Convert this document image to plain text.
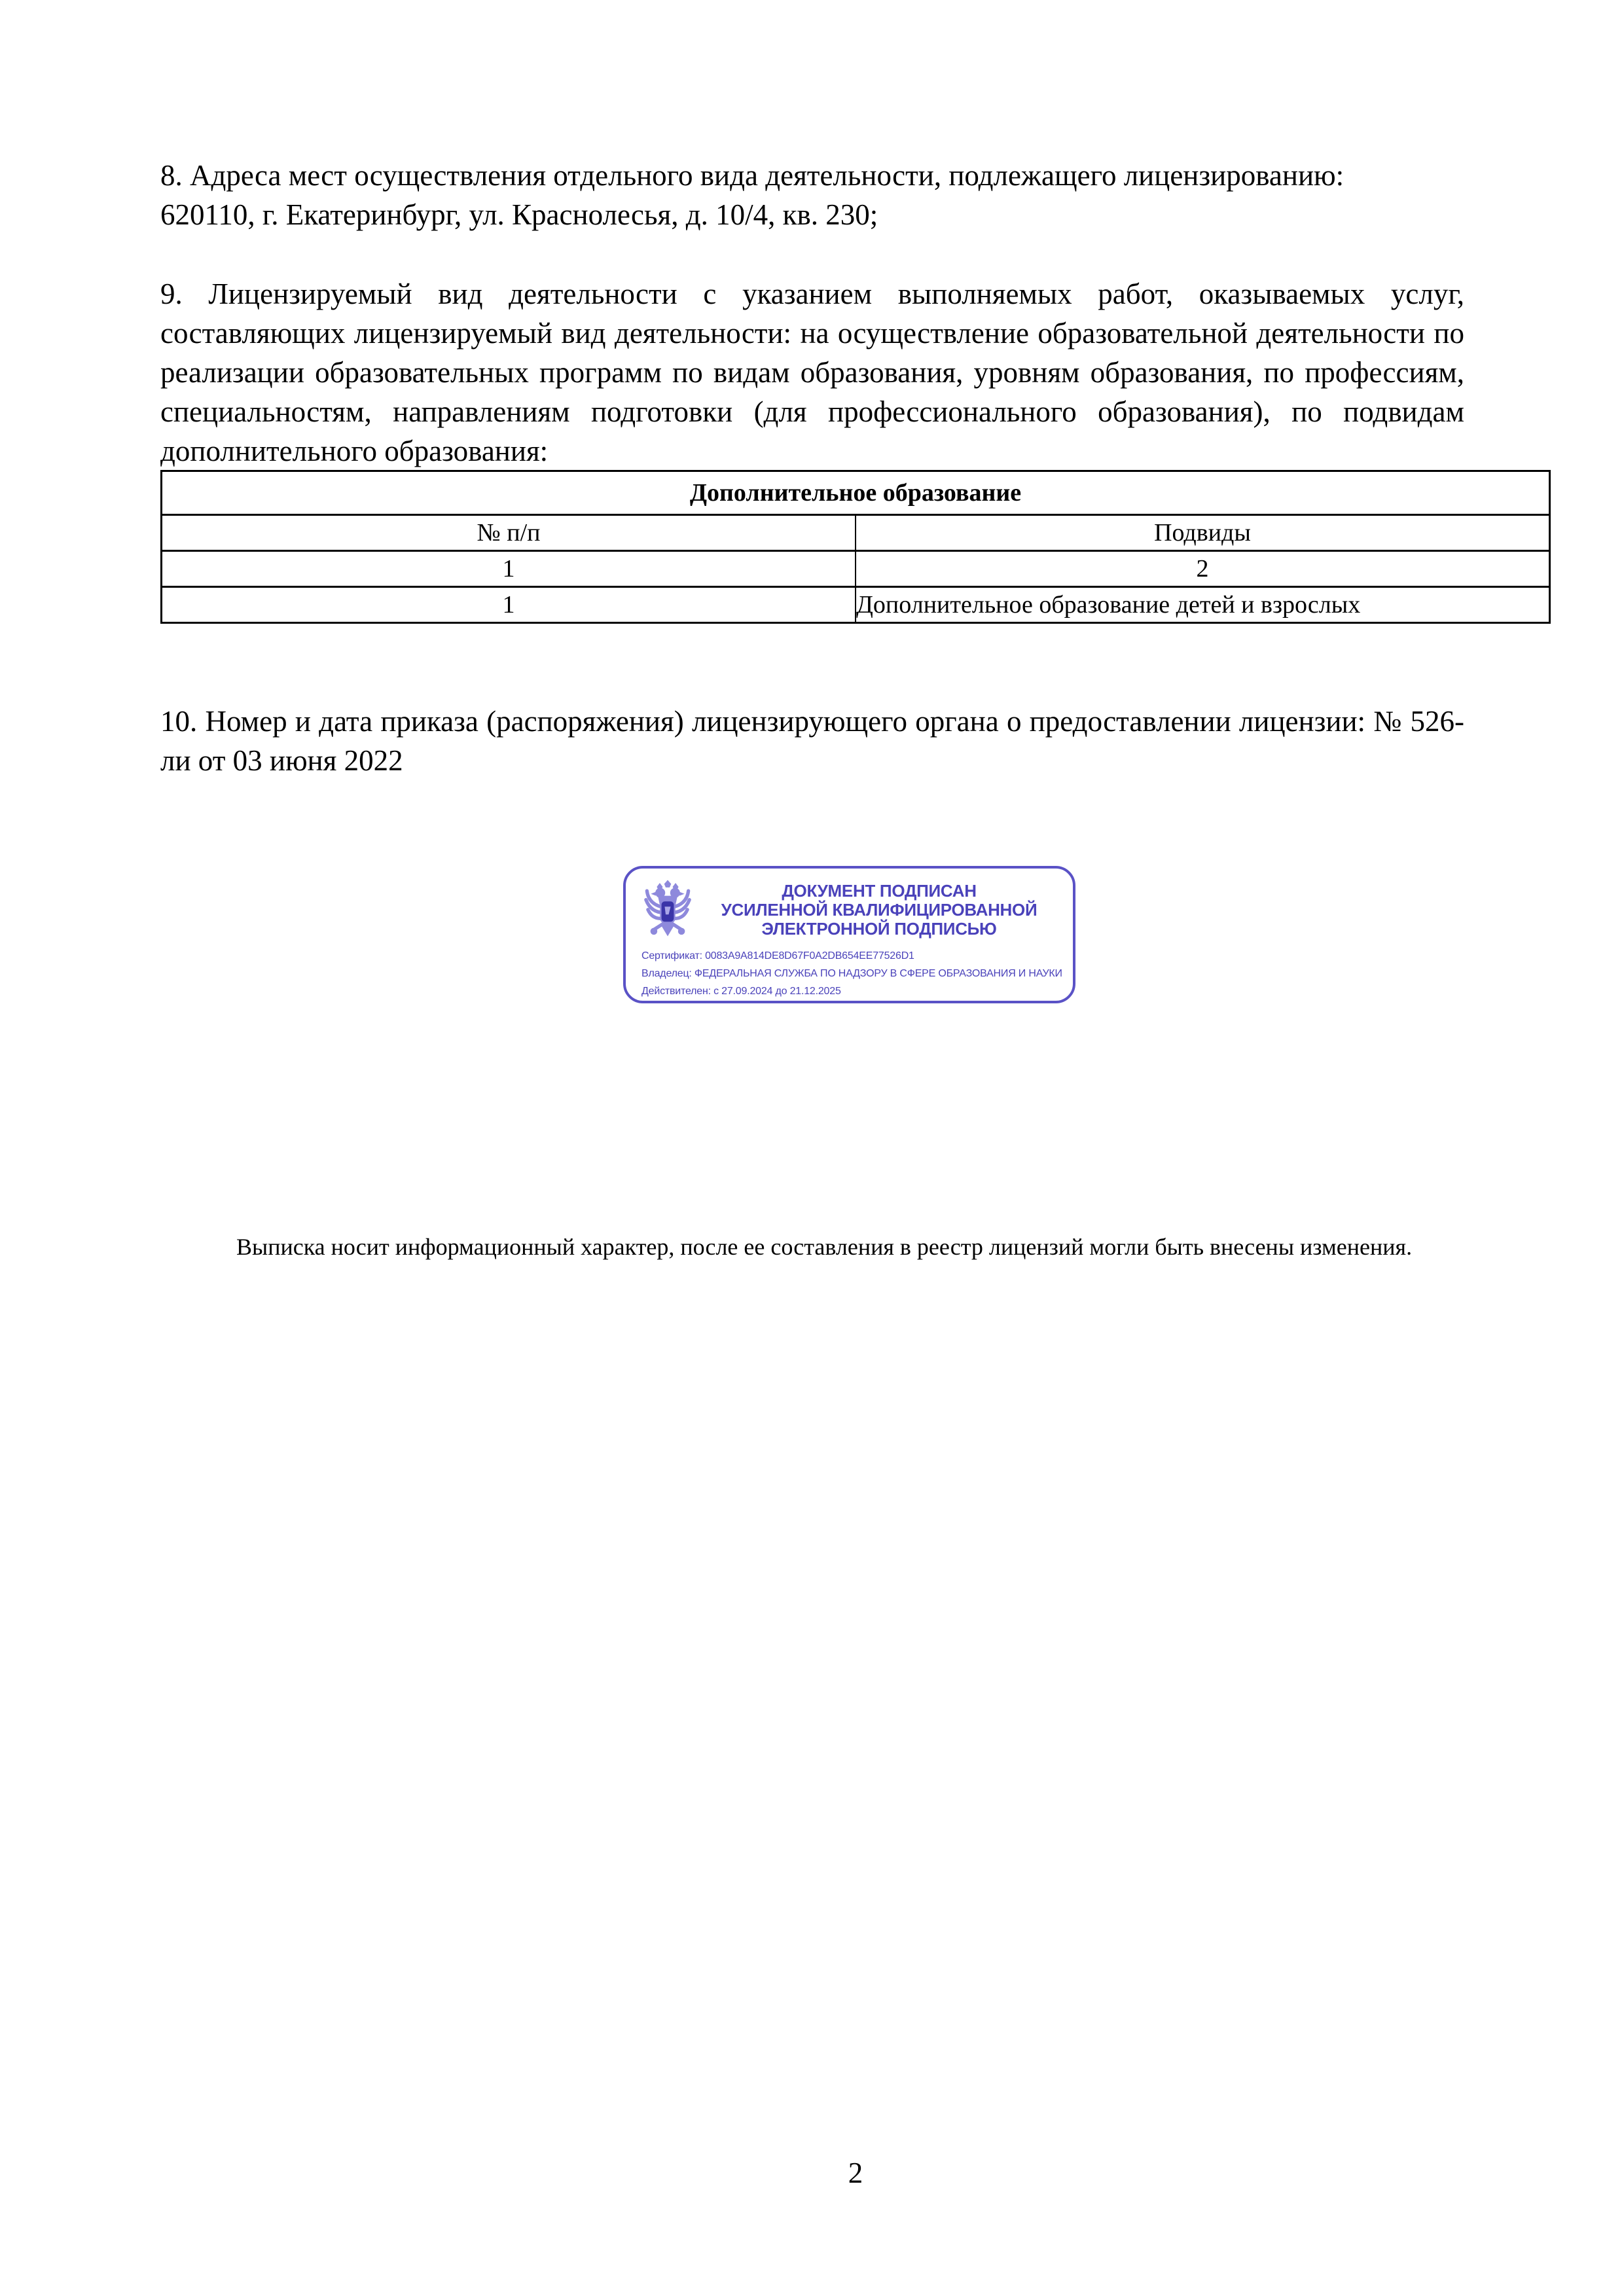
8. Адреса мест осуществления отдельного вида деятельности, подлежащего лицензированию:

620110, г. Екатеринбург, ул. Краснолесья, д. 10/4, кв. 230;

9. Лицензируемый вид деятельности с указанием выполняемых работ, оказываемых услуг, составляющих лицензируемый вид деятельности: на осуществление образовательной деятельности по реализации образовательных программ по видам образования, уровням образования, по профессиям, специальностям, направлениям подготовки (для профессионального образования), по подвидам дополнительного образования:

Дополнительное образование	
№ п/п	Подвиды
1	2
1	Дополнительное образование детей и взрослых

10. Номер и дата приказа (распоряжения) лицензирующего органа о предоставлении лицензии: № 526-ли от 03 июня 2022

ДОКУМЕНТ ПОДПИСАН
УСИЛЕННОЙ КВАЛИФИЦИРОВАННОЙ
ЭЛЕКТРОННОЙ ПОДПИСЬЮ
Сертификат: 0083A9A814DE8D67F0A2DB654EE77526D1
Владелец: ФЕДЕРАЛЬНАЯ СЛУЖБА ПО НАДЗОРУ В СФЕРЕ ОБРАЗОВАНИЯ И НАУКИ
Действителен: с 27.09.2024 до 21.12.2025

Выписка носит информационный характер, после ее составления в реестр лицензий могли быть внесены изменения.

2
